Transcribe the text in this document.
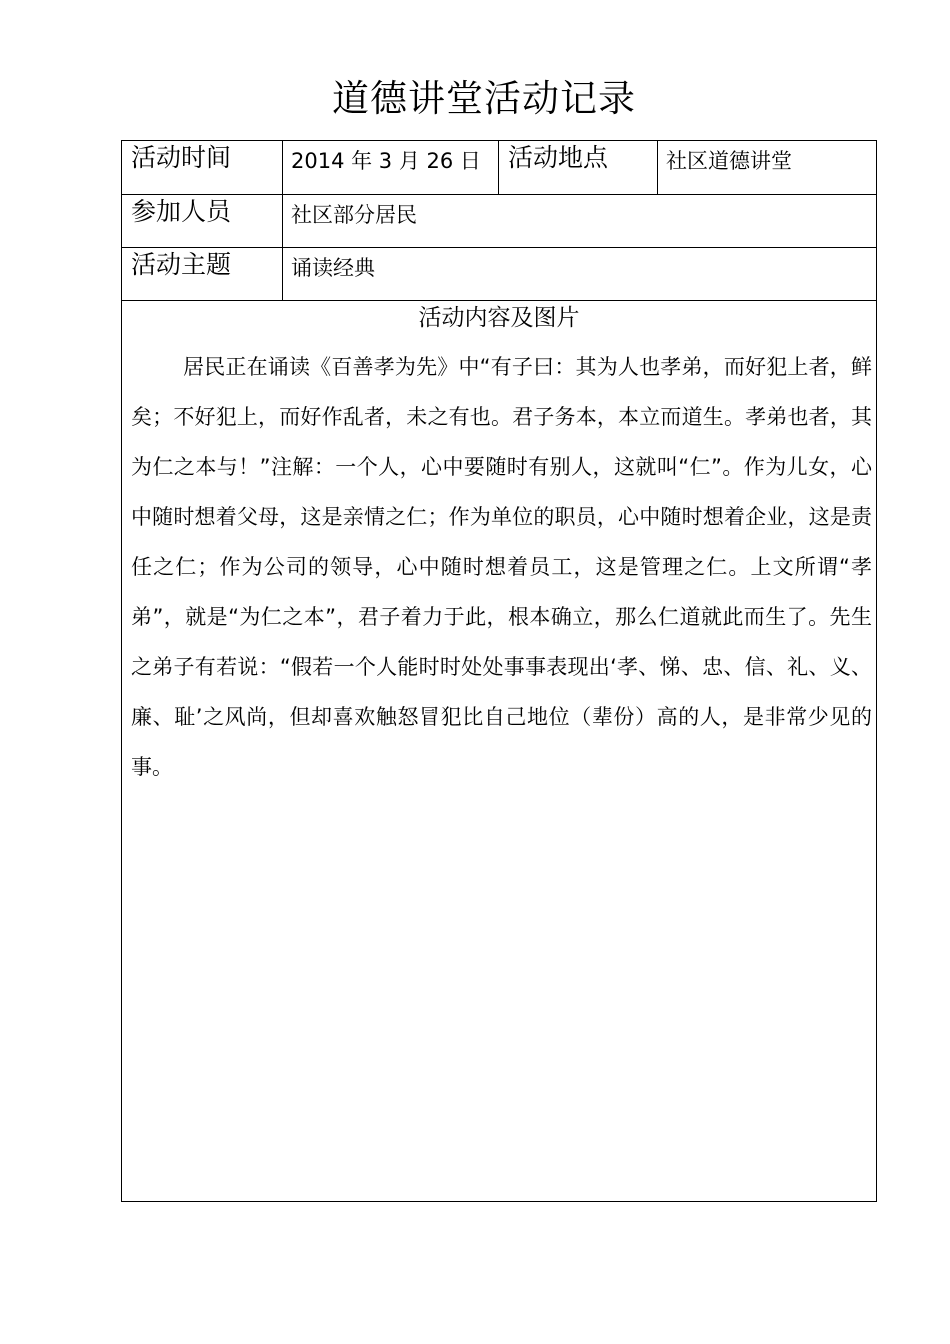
道德讲堂活动记录
活动时间	2014 年 3 月 26 日	活动地点	社区道德讲堂
参加人员	社区部分居民		
活动主题	诵读经典		

活动内容及图片
居民正在诵读《百善孝为先》中“有子曰：其为人也孝弟，而好犯上者，鲜矣；不好犯上，而好作乱者，未之有也。君子务本，本立而道生。孝弟也者，其为仁之本与！”注解：一个人，心中要随时有别人，这就叫“仁”。作为儿女，心中随时想着父母，这是亲情之仁；作为单位的职员，心中随时想着企业，这是责任之仁；作为公司的领导，心中随时想着员工，这是管理之仁。上文所谓“孝弟”，就是“为仁之本”，君子着力于此，根本确立，那么仁道就此而生了。先生之弟子有若说：“假若一个人能时时处处事事表现出‘孝、悌、忠、信、礼、义、廉、耻’之风尚，但却喜欢触怒冒犯比自己地位（辈份）高的人，是非常少见的事。			
